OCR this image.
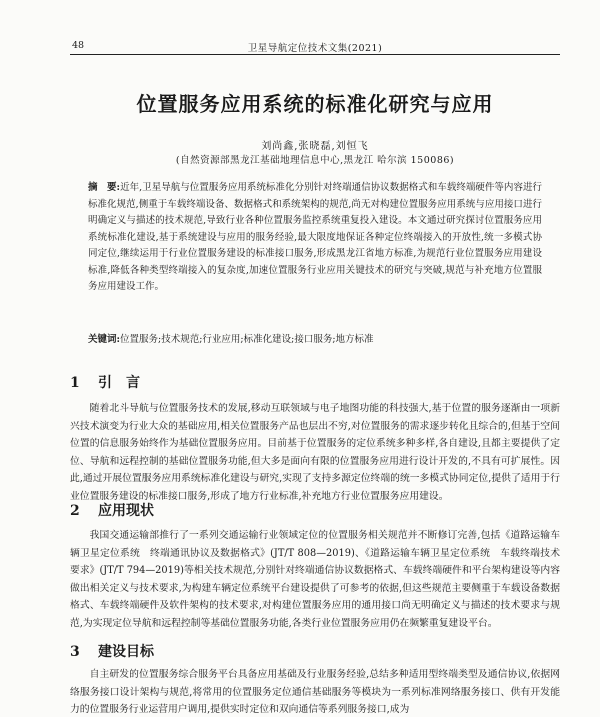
48	卫星导航定位技术文集(2021)
位置服务应用系统的标准化研究与应用
刘尚鑫,张晓磊,刘恒飞
(自然资源部黑龙江基础地理信息中心,黑龙江 哈尔滨 150086)
摘　要:近年,卫星导航与位置服务应用系统标准化分别针对终端通信协议数据格式和车载终端硬件等内容进行标准化规范,侧重于车载终端设备、数据格式和系统架构的规范,尚无对构建位置服务应用系统与应用接口进行明确定义与描述的技术规范,导致行业各种位置服务监控系统重复投入建设。本文通过研究探讨位置服务应用系统标准化建设,基于系统建设与应用的服务经验,最大限度地保证各种定位终端接入的开放性,统一多模式协同定位,继续运用于行业位置服务建设的标准接口服务,形成黑龙江省地方标准,为规范行业位置服务应用建设标准,降低各种类型终端接入的复杂度,加速位置服务行业应用关键技术的研究与突破,规范与补充地方位置服务应用建设工作。
关键词:位置服务;技术规范;行业应用;标准化建设;接口服务;地方标准
1 引　言
随着北斗导航与位置服务技术的发展,移动互联领域与电子地图功能的科技强大,基于位置的服务逐渐由一项新兴技术演变为行业大众的基础应用,相关位置服务产品也层出不穷,对位置服务的需求逐步转化且综合的,但基于空间位置的信息服务始终作为基础位置服务应用。目前基于位置服务的定位系统多种多样,各自建设,且都主要提供了定位、导航和远程控制的基础位置服务功能,但大多是面向有限的位置服务应用进行设计开发的,不具有可扩展性。因此,通过开展位置服务应用系统标准化建设与研究,实现了支持多源定位终端的统一多模式协同定位,提供了适用于行业位置服务建设的标准接口服务,形成了地方行业标准,补充地方行业位置服务应用建设。
2 应用现状
我国交通运输部推行了一系列交通运输行业领域定位的位置服务相关规范并不断修订完善,包括《道路运输车辆卫星定位系统　终端通讯协议及数据格式》(JT/T 808—2019)、《道路运输车辆卫星定位系统　车载终端技术要求》(JT/T 794—2019)等相关技术规范,分别针对终端通信协议数据格式、车载终端硬件和平台架构建设等内容做出相关定义与技术要求,为构建车辆定位系统平台建设提供了可参考的依据,但这些规范主要侧重于车载设备数据格式、车载终端硬件及软件架构的技术要求,对构建位置服务应用的通用接口尚无明确定义与描述的技术要求与规范,为实现定位导航和远程控制等基础位置服务功能,各类行业位置服务应用仍在频繁重复建设平台。
3 建设目标
自主研发的位置服务综合服务平台具备应用基础及行业服务经验,总结多种适用型终端类型及通信协议,依据网络服务接口设计架构与规范,将常用的位置服务定位通信基础服务等模块为一系列标准网络服务接口、供有开发能力的位置服务行业运营用户调用,提供实时定位和双向通信等系列服务接口,成为
